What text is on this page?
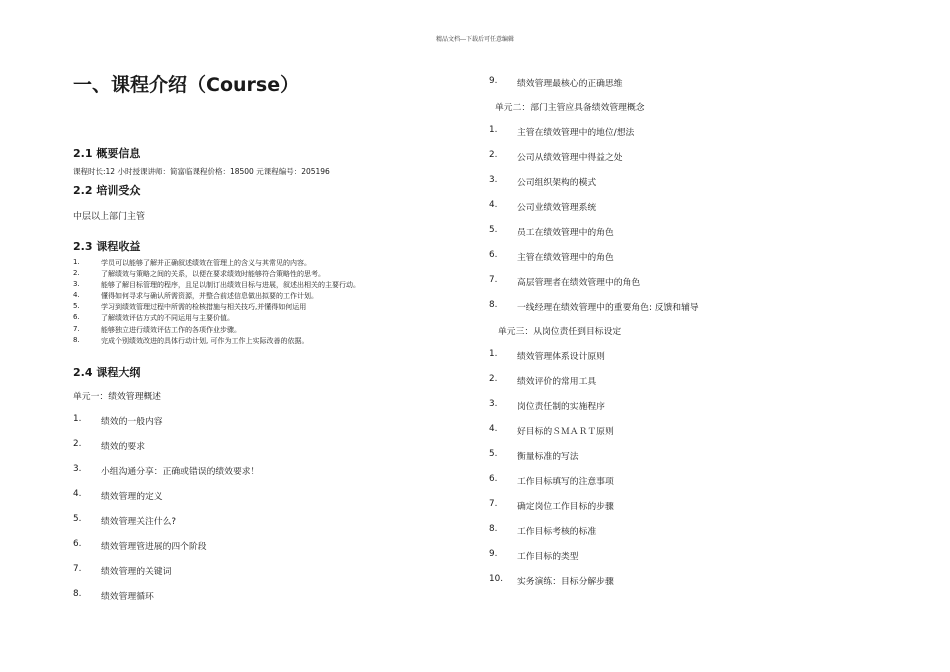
精品文档---下载后可任意编辑
一、课程介绍（Course）
2.1 概要信息
课程时长:12 小时授课讲师：简富临课程价格：18500 元课程编号：205196
2.2 培训受众
中层以上部门主管
2.3 课程收益
1.	学员可以能够了解并正确叙述绩效在管理上的含义与其常见的内容。
2.	了解绩效与策略之间的关系，以便在要求绩效时能够符合策略性的思考。
3.	能够了解目标管理的程序，且足以制订出绩效目标与进展，叙述出相关的主要行动。
4.	懂得如何寻求与确认所需资源，并整合前述信息做出拟要的工作计划。
5.	学习到绩效管理过程中所需的检核措施与相关技巧,并懂得如何运用
6.	了解绩效评估方式的不同运用与主要价值。
7.	能够独立进行绩效评估工作的各项作业步骤。
8.	完成个别绩效改进的具体行动计划, 可作为工作上实际改善的依据。
2.4 课程大纲
单元一：绩效管理概述
1. 绩效的一般内容
2. 绩效的要求
3. 小组沟通分享：正确或错误的绩效要求！
4. 绩效管理的定义
5. 绩效管理关注什么?
6. 绩效管理管进展的四个阶段
7. 绩效管理的关键词
8. 绩效管理循环
9. 绩效管理最核心的正确思维
单元二：部门主管应具备绩效管理概念
1. 主管在绩效管理中的地位/想法
2. 公司从绩效管理中得益之处
3. 公司组织架构的模式
4. 公司业绩效管理系统
5. 员工在绩效管理中的角色
6. 主管在绩效管理中的角色
7. 高层管理者在绩效管理中的角色
8. 一线经理在绩效管理中的重要角色: 反馈和辅导
单元三：从岗位责任到目标设定
1. 绩效管理体系设计原则
2. 绩效评价的常用工具
3. 岗位责任制的实施程序
4. 好目标的ＳＭＡＲＴ原则
5. 衡量标准的写法
6. 工作目标填写的注意事项
7. 确定岗位工作目标的步骤
8. 工作目标考核的标准
9. 工作目标的类型
10. 实务演练：目标分解步骤
